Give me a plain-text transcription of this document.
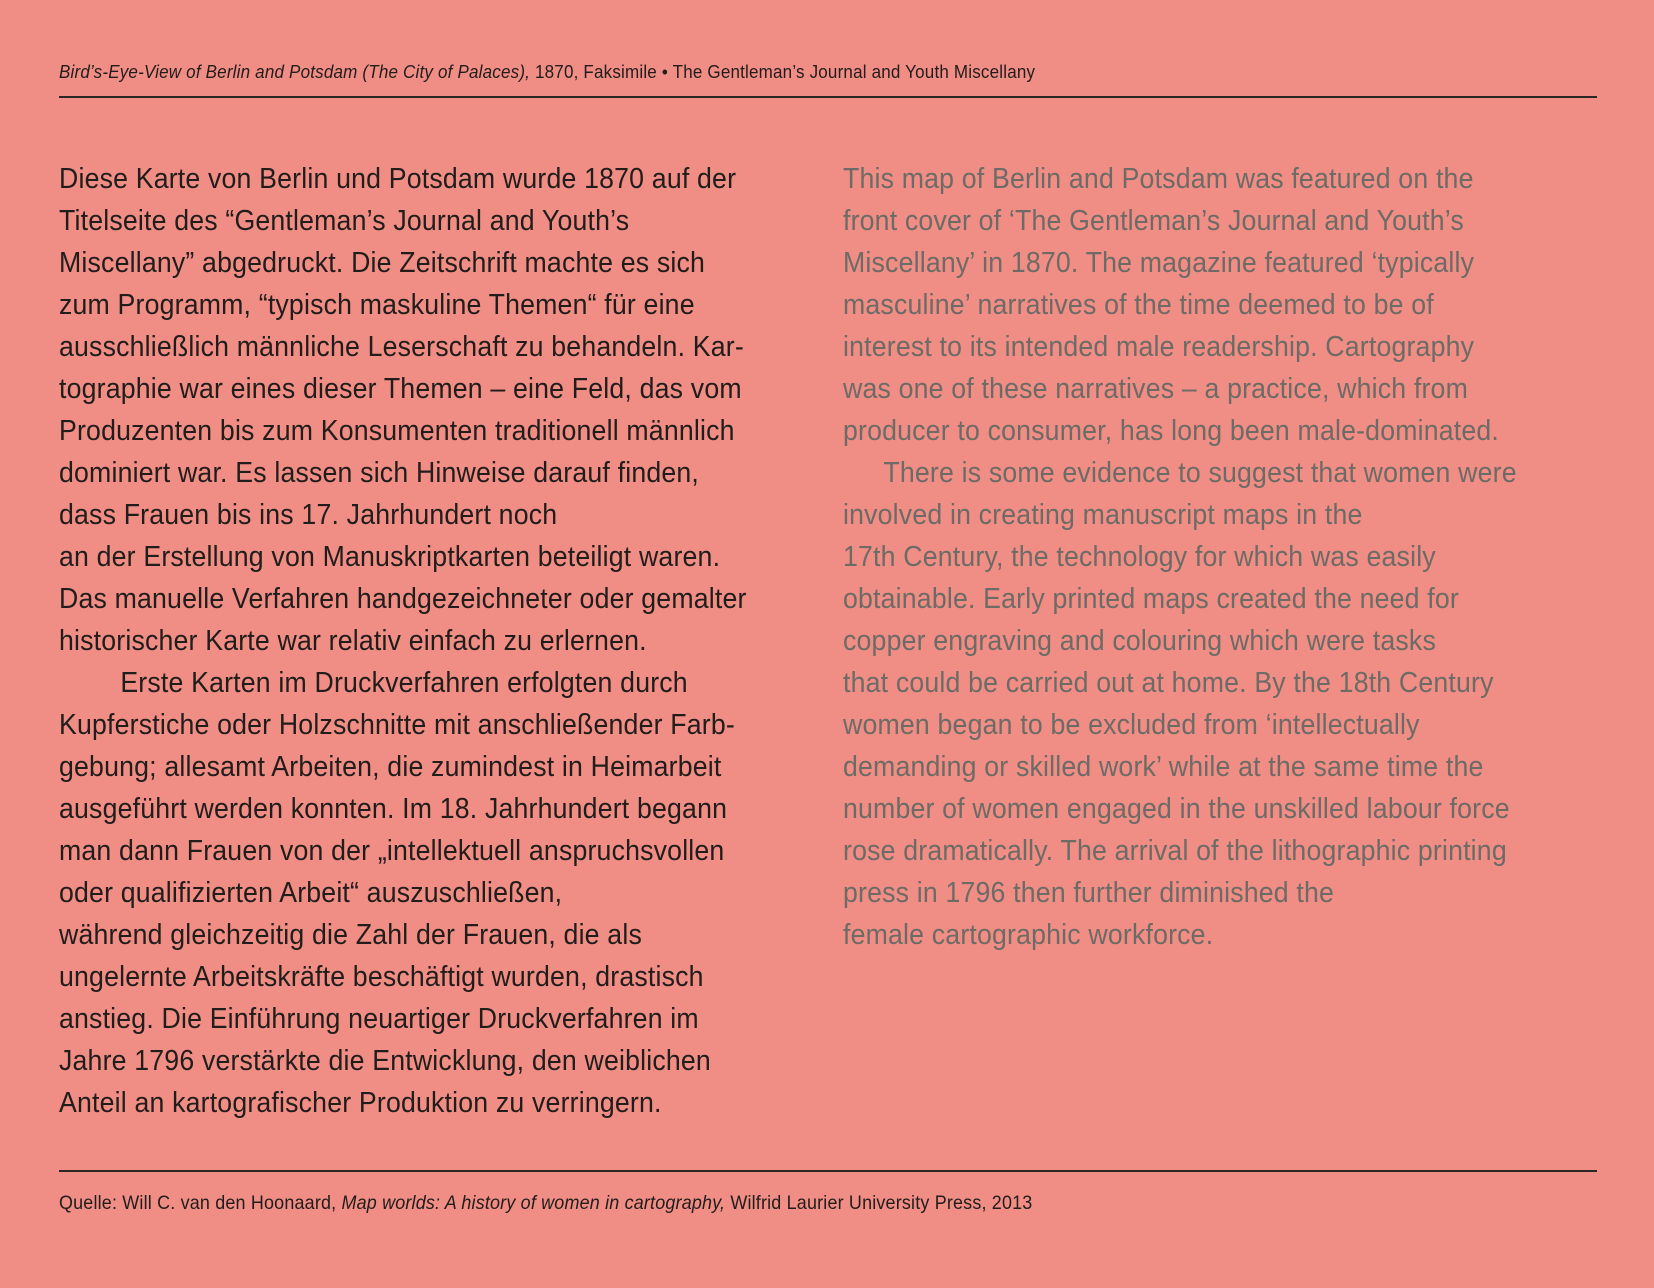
Bird’s-Eye-View of Berlin and Potsdam (The City of Palaces), 1870, Faksimile • The Gentleman’s Journal and Youth Miscellany
Diese Karte von Berlin und Potsdam wurde 1870 auf der
Titelseite des “Gentleman’s Journal and Youth’s
Miscellany” abgedruckt. Die Zeitschrift machte es sich
zum Programm, “typisch maskuline Themen“ für eine
ausschließlich männliche Leserschaft zu behandeln. Kar-
tographie war eines dieser Themen – eine Feld, das vom
Produzenten bis zum Konsumenten traditionell männlich
dominiert war. Es lassen sich Hinweise darauf finden,
dass Frauen bis ins 17. Jahrhundert noch
an der Erstellung von Manuskriptkarten beteiligt waren.
Das manuelle Verfahren handgezeichneter oder gemalter
historischer Karte war relativ einfach zu erlernen.
   Erste Karten im Druckverfahren erfolgten durch
Kupferstiche oder Holzschnitte mit anschließender Farb-
gebung; allesamt Arbeiten, die zumindest in Heimarbeit
ausgeführt werden konnten. Im 18. Jahrhundert begann
man dann Frauen von der „intellektuell anspruchsvollen
oder qualifizierten Arbeit“ auszuschließen,
während gleichzeitig die Zahl der Frauen, die als
ungelernte Arbeitskräfte beschäftigt wurden, drastisch
anstieg. Die Einführung neuartiger Druckverfahren im
Jahre 1796 verstärkte die Entwicklung, den weiblichen
Anteil an kartografischer Produktion zu verringern.
This map of Berlin and Potsdam was featured on the
front cover of ‘The Gentleman’s Journal and Youth’s
Miscellany’ in 1870. The magazine featured ‘typically
masculine’ narratives of the time deemed to be of
interest to its intended male readership. Cartography
was one of these narratives – a practice, which from
producer to consumer, has long been male-dominated.
  There is some evidence to suggest that women were
involved in creating manuscript maps in the
17th Century, the technology for which was easily
obtainable. Early printed maps created the need for
copper engraving and colouring which were tasks
that could be carried out at home. By the 18th Century
women began to be excluded from ‘intellectually
demanding or skilled work’ while at the same time the
number of women engaged in the unskilled labour force
rose dramatically. The arrival of the lithographic printing
press in 1796 then further diminished the
female cartographic workforce.
Quelle: Will C. van den Hoonaard, Map worlds: A history of women in cartography, Wilfrid Laurier University Press, 2013
